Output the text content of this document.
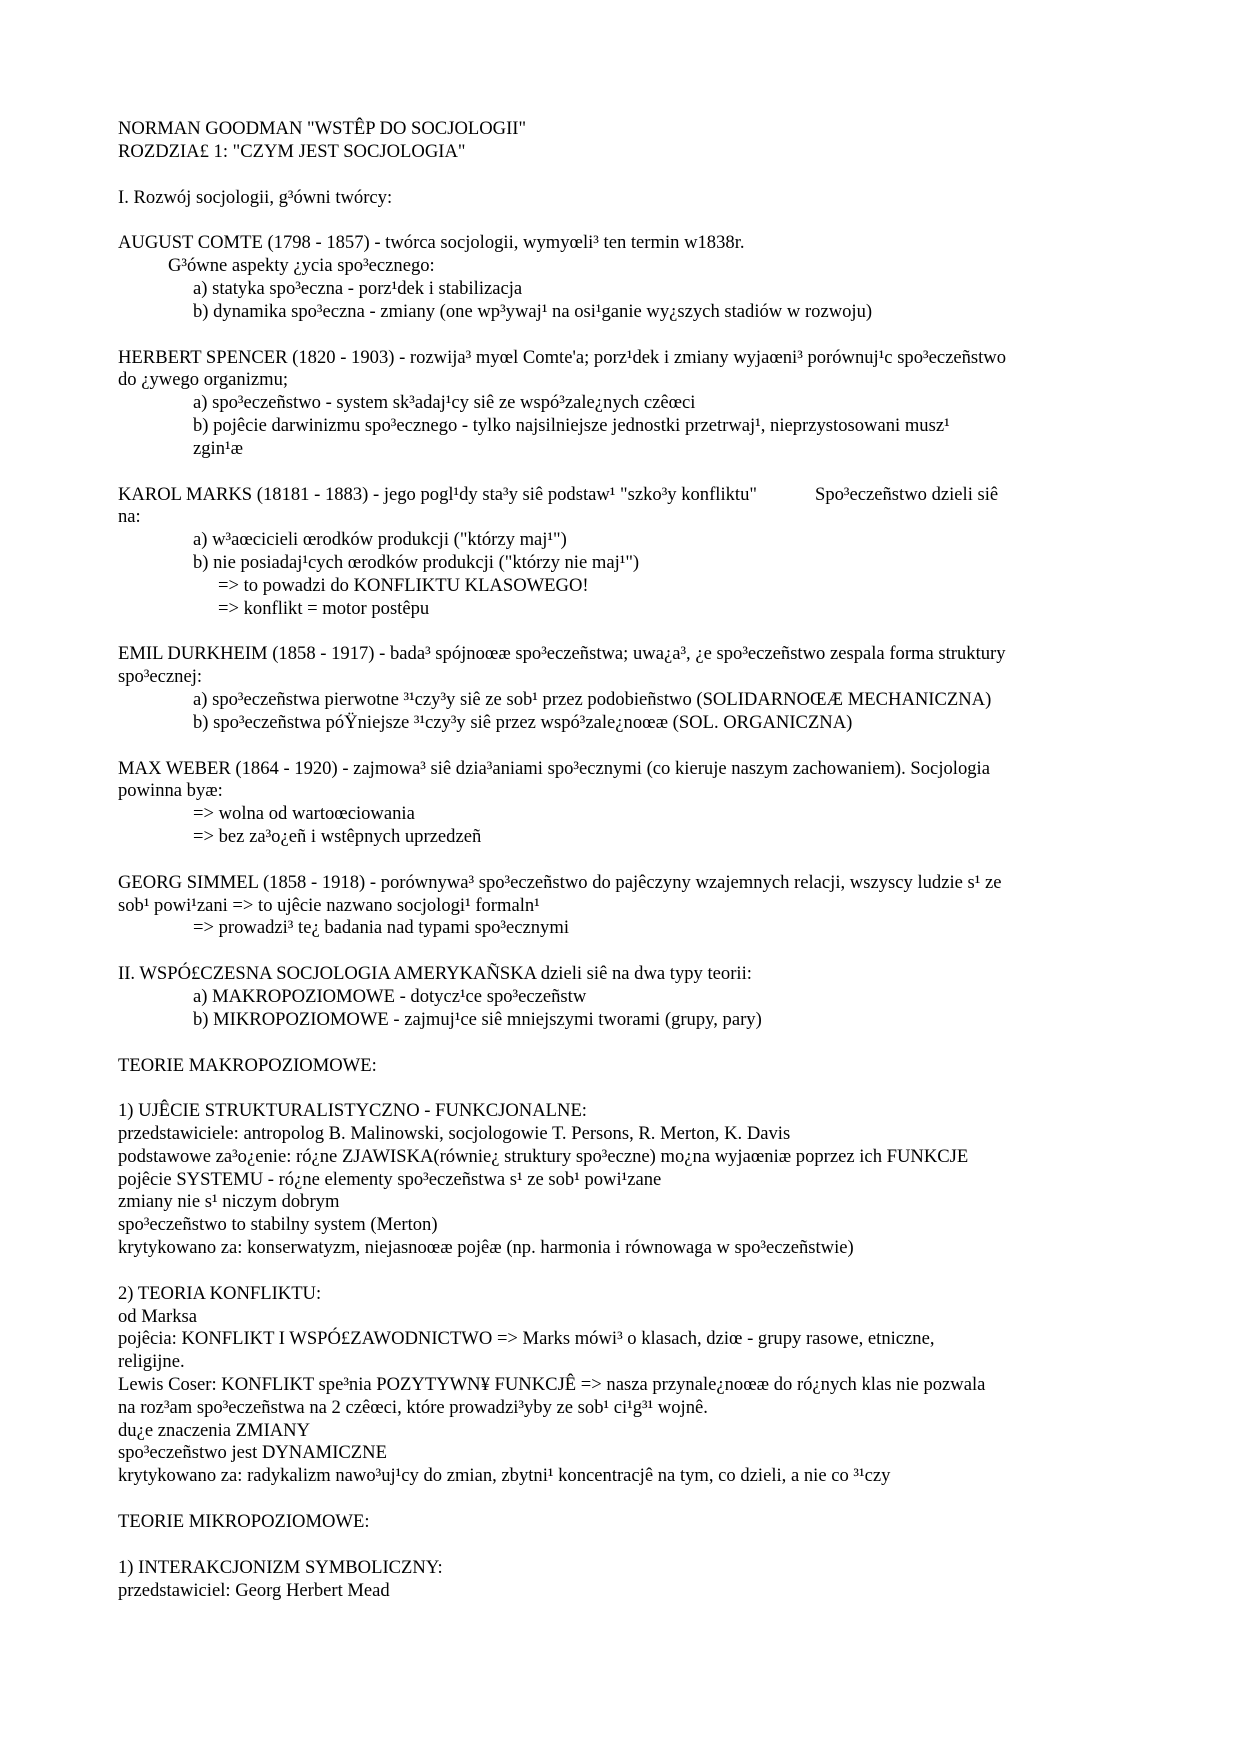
NORMAN GOODMAN "WSTÊP DO SOCJOLOGII"
ROZDZIA£ 1: "CZYM JEST SOCJOLOGIA"
I. Rozwój socjologii, g³ówni twórcy:
AUGUST COMTE (1798 - 1857) - twórca socjologii, wymyœli³ ten termin w1838r.
G³ówne aspekty ¿ycia spo³ecznego:
a) statyka spo³eczna - porz¹dek i stabilizacja
b) dynamika spo³eczna - zmiany (one wp³ywaj¹ na osi¹ganie wy¿szych stadiów w rozwoju)
HERBERT SPENCER (1820 - 1903) - rozwija³ myœl Comte'a; porz¹dek i zmiany wyjaœni³ porównuj¹c spo³eczeñstwo
do ¿ywego organizmu;
a) spo³eczeñstwo - system sk³adaj¹cy siê ze wspó³zale¿nych czêœci
b) pojêcie darwinizmu spo³ecznego - tylko najsilniejsze jednostki przetrwaj¹, nieprzystosowani musz¹
zgin¹æ
KAROL MARKS (18181 - 1883) - jego pogl¹dy sta³y siê podstaw¹ "szko³y konfliktu"	Spo³eczeñstwo dzieli siê
na:
a) w³aœcicieli œrodków produkcji ("którzy maj¹")
b) nie posiadaj¹cych œrodków produkcji ("którzy nie maj¹")
=> to powadzi do KONFLIKTU KLASOWEGO!
=> konflikt = motor postêpu
EMIL DURKHEIM (1858 - 1917) - bada³ spójnoœæ spo³eczeñstwa; uwa¿a³, ¿e spo³eczeñstwo zespala forma struktury
spo³ecznej:
a) spo³eczeñstwa pierwotne ³¹czy³y siê ze sob¹ przez podobieñstwo (SOLIDARNOŒÆ MECHANICZNA)
b) spo³eczeñstwa póŸniejsze ³¹czy³y siê przez wspó³zale¿noœæ (SOL. ORGANICZNA)
MAX WEBER (1864 - 1920) - zajmowa³ siê dzia³aniami spo³ecznymi (co kieruje naszym zachowaniem). Socjologia
powinna byæ:
=> wolna od wartoœciowania
=> bez za³o¿eñ i wstêpnych uprzedzeñ
GEORG SIMMEL (1858 - 1918) - porównywa³ spo³eczeñstwo do pajêczyny wzajemnych relacji, wszyscy ludzie s¹ ze
sob¹ powi¹zani => to ujêcie nazwano socjologi¹ formaln¹
=> prowadzi³ te¿ badania nad typami spo³ecznymi
II. WSPÓ£CZESNA SOCJOLOGIA AMERYKAÑSKA dzieli siê na dwa typy teorii:
a) MAKROPOZIOMOWE - dotycz¹ce spo³eczeñstw
b) MIKROPOZIOMOWE - zajmuj¹ce siê mniejszymi tworami (grupy, pary)
TEORIE MAKROPOZIOMOWE:
1) UJÊCIE STRUKTURALISTYCZNO - FUNKCJONALNE:
przedstawiciele: antropolog B. Malinowski, socjologowie T. Persons, R. Merton, K. Davis
podstawowe za³o¿enie: ró¿ne ZJAWISKA(równie¿ struktury spo³eczne) mo¿na wyjaœniæ poprzez ich FUNKCJE
pojêcie SYSTEMU - ró¿ne elementy spo³eczeñstwa s¹ ze sob¹ powi¹zane
zmiany nie s¹ niczym dobrym
spo³eczeñstwo to stabilny system (Merton)
krytykowano za: konserwatyzm, niejasnoœæ pojêæ (np. harmonia i równowaga w spo³eczeñstwie)
2) TEORIA KONFLIKTU:
od Marksa
pojêcia: KONFLIKT I WSPÓ£ZAWODNICTWO => Marks mówi³ o klasach, dziœ - grupy rasowe, etniczne,
religijne.
Lewis Coser: KONFLIKT spe³nia POZYTYWN¥ FUNKCJÊ => nasza przynale¿noœæ do ró¿nych klas nie pozwala
na roz³am spo³eczeñstwa na 2 czêœci, które prowadzi³yby ze sob¹ ci¹g³¹ wojnê.
du¿e znaczenia ZMIANY
spo³eczeñstwo jest DYNAMICZNE
krytykowano za: radykalizm nawo³uj¹cy do zmian, zbytni¹ koncentracjê na tym, co dzieli, a nie co ³¹czy
TEORIE MIKROPOZIOMOWE:
1) INTERAKCJONIZM SYMBOLICZNY:
przedstawiciel: Georg Herbert Mead
